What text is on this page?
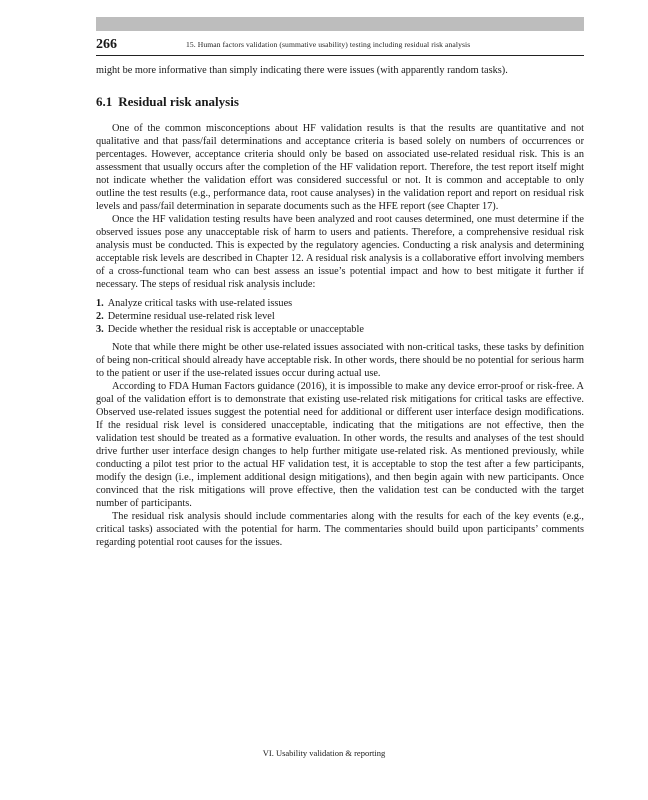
266	15. Human factors validation (summative usability) testing including residual risk analysis

might be more informative than simply indicating there were issues (with apparently random tasks).

6.1 Residual risk analysis

One of the common misconceptions about HF validation results is that the results are quantitative and not qualitative and that pass/fail determinations and acceptance criteria is based solely on numbers of occurrences or percentages. However, acceptance criteria should only be based on associated use-related residual risk. This is an assessment that usually occurs after the completion of the HF validation report. Therefore, the test report itself might not indicate whether the validation effort was considered successful or not. It is common and acceptable to only outline the test results (e.g., performance data, root cause analyses) in the validation report and report on residual risk levels and pass/fail determination in separate documents such as the HFE report (see Chapter 17).

Once the HF validation testing results have been analyzed and root causes determined, one must determine if the observed issues pose any unacceptable risk of harm to users and patients. Therefore, a comprehensive residual risk analysis must be conducted. This is expected by the regulatory agencies. Conducting a risk analysis and determining acceptable risk levels are described in Chapter 12. A residual risk analysis is a collaborative effort involving members of a cross-functional team who can best assess an issue’s potential impact and how to best mitigate it further if necessary. The steps of residual risk analysis include:

1. Analyze critical tasks with use-related issues
2. Determine residual use-related risk level
3. Decide whether the residual risk is acceptable or unacceptable

Note that while there might be other use-related issues associated with non-critical tasks, these tasks by definition of being non-critical should already have acceptable risk. In other words, there should be no potential for serious harm to the patient or user if the use-related issues occur during actual use.

According to FDA Human Factors guidance (2016), it is impossible to make any device error-proof or risk-free. A goal of the validation effort is to demonstrate that existing use-related risk mitigations for critical tasks are effective. Observed use-related issues suggest the potential need for additional or different user interface design modifications. If the residual risk level is considered unacceptable, indicating that the mitigations are not effective, then the validation test should be treated as a formative evaluation. In other words, the results and analyses of the test should drive further user interface design changes to help further mitigate use-related risk. As mentioned previously, while conducting a pilot test prior to the actual HF validation test, it is acceptable to stop the test after a few participants, modify the design (i.e., implement additional design mitigations), and then begin again with new participants. Once convinced that the risk mitigations will prove effective, then the validation test can be conducted with the target number of participants.

The residual risk analysis should include commentaries along with the results for each of the key events (e.g., critical tasks) associated with the potential for harm. The commentaries should build upon participants’ comments regarding potential root causes for the issues.

VI. Usability validation & reporting
